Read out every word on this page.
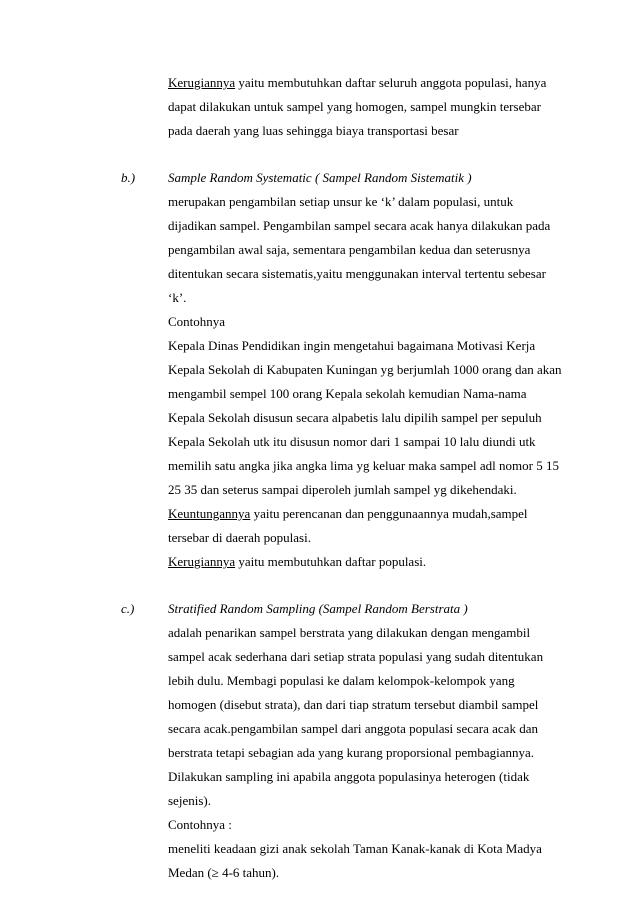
Kerugiannya yaitu membutuhkan daftar seluruh anggota populasi, hanya
dapat dilakukan untuk sampel yang homogen, sampel mungkin tersebar
pada daerah yang luas sehingga biaya transportasi besar
b.)	Sample Random Systematic ( Sampel Random Sistematik )
merupakan pengambilan setiap unsur ke ‘k’ dalam populasi, untuk
dijadikan sampel. Pengambilan sampel secara acak hanya dilakukan pada
pengambilan awal saja, sementara pengambilan kedua dan seterusnya
ditentukan secara sistematis,yaitu menggunakan interval tertentu sebesar
‘k’.
Contohnya
Kepala Dinas Pendidikan ingin mengetahui bagaimana Motivasi Kerja
Kepala Sekolah di Kabupaten Kuningan yg berjumlah 1000 orang dan akan
mengambil sempel 100 orang Kepala sekolah kemudian Nama-nama
Kepala Sekolah disusun secara alpabetis lalu dipilih sampel per sepuluh
Kepala Sekolah utk itu disusun nomor dari 1 sampai 10 lalu diundi utk
memilih satu angka jika angka lima yg keluar maka sampel adl nomor 5 15
25 35 dan seterus sampai diperoleh jumlah sampel yg dikehendaki.
Keuntungannya yaitu perencanan dan penggunaannya mudah,sampel
tersebar di daerah populasi.
Kerugiannya yaitu membutuhkan daftar populasi.
c.)	Stratified Random Sampling (Sampel Random Berstrata )
adalah penarikan sampel berstrata yang dilakukan dengan mengambil
sampel acak sederhana dari setiap strata populasi yang sudah ditentukan
lebih dulu. Membagi populasi ke dalam kelompok-kelompok yang
homogen (disebut strata), dan dari tiap stratum tersebut diambil sampel
secara acak.pengambilan sampel dari anggota populasi secara acak dan
berstrata tetapi sebagian ada yang kurang proporsional pembagiannya.
Dilakukan sampling ini apabila anggota populasinya heterogen (tidak
sejenis).
Contohnya :
meneliti keadaan gizi anak sekolah Taman Kanak-kanak di Kota Madya
Medan (≥ 4-6 tahun).
